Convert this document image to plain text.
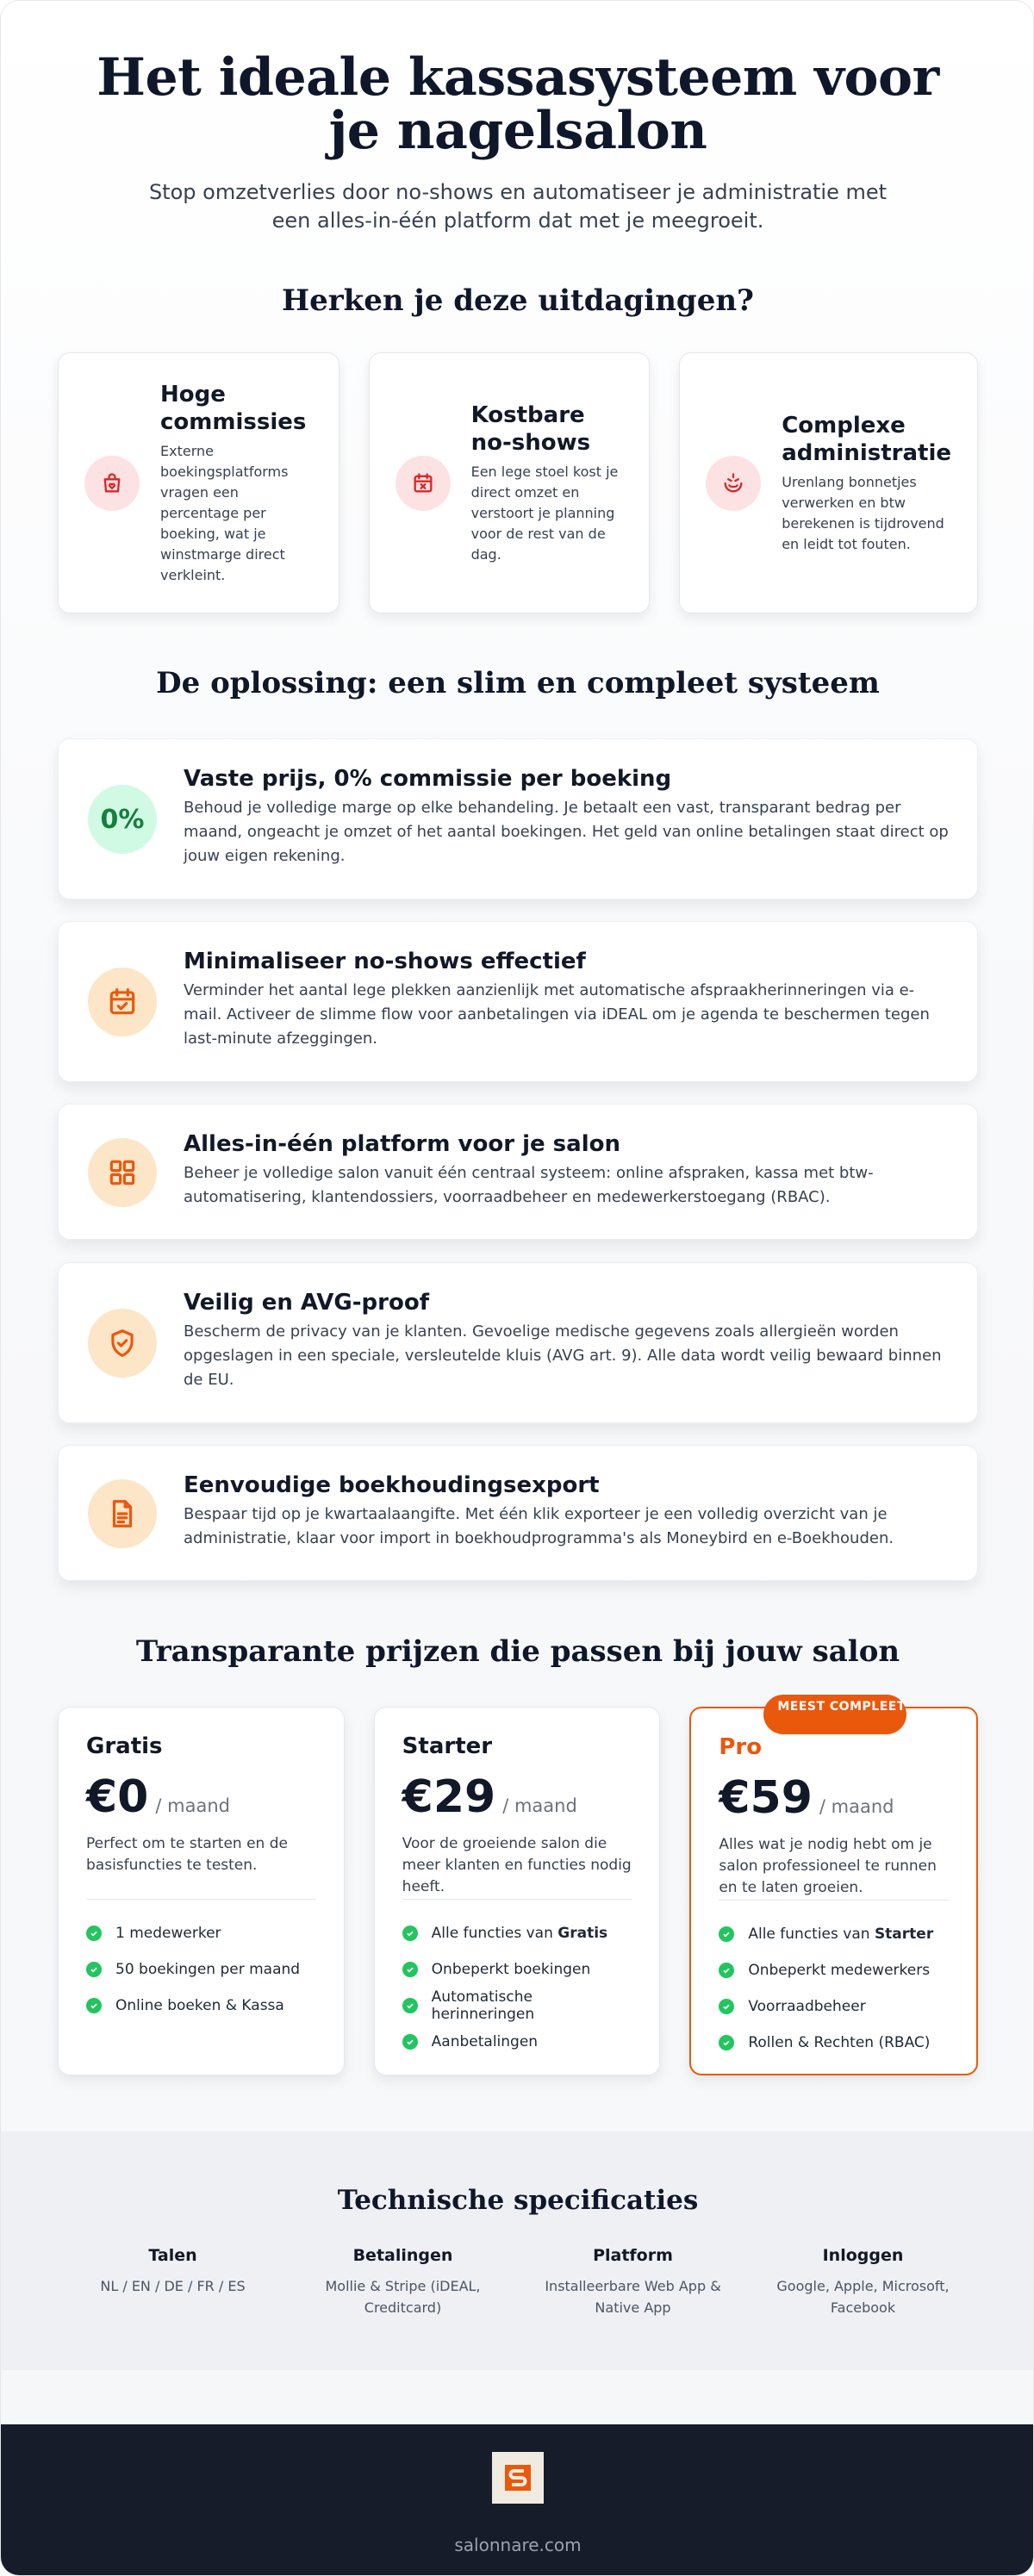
Het ideale kassasysteem voor je nagelsalon

Stop omzetverlies door no-shows en automatiseer je administratie met een alles-in-één platform dat met je meegroeit.

Herken je deze uitdagingen?
Hoge commissies

Externe boekingsplatforms vragen een percentage per boeking, wat je winstmarge direct verkleint.

Kostbare no-shows

Een lege stoel kost je direct omzet en verstoort je planning voor de rest van de dag.

Complexe administratie

Urenlang bonnetjes verwerken en btw berekenen is tijdrovend en leidt tot fouten.

De oplossing: een slim en compleet systeem
0%
Vaste prijs, 0% commissie per boeking

Behoud je volledige marge op elke behandeling. Je betaalt een vast, transparant bedrag per maand, ongeacht je omzet of het aantal boekingen. Het geld van online betalingen staat direct op jouw eigen rekening.

Minimaliseer no-shows effectief

Verminder het aantal lege plekken aanzienlijk met automatische afspraakherinneringen via e-mail. Activeer de slimme flow voor aanbetalingen via iDEAL om je agenda te beschermen tegen last-minute afzeggingen.

Alles-in-één platform voor je salon

Beheer je volledige salon vanuit één centraal systeem: online afspraken, kassa met btw-automatisering, klantendossiers, voorraadbeheer en medewerkerstoegang (RBAC).

Veilig en AVG-proof

Bescherm de privacy van je klanten. Gevoelige medische gegevens zoals allergieën worden opgeslagen in een speciale, versleutelde kluis (AVG art. 9). Alle data wordt veilig bewaard binnen de EU.

Eenvoudige boekhoudingsexport

Bespaar tijd op je kwartaalaangifte. Met één klik exporteer je een volledig overzicht van je administratie, klaar voor import in boekhoudprogramma's als Moneybird en e-Boekhouden.

Transparante prijzen die passen bij jouw salon
Gratis
€0 / maand

Perfect om te starten en de basisfuncties te testen.

1 medewerker
50 boekingen per maand
Online boeken & Kassa
Starter
€29 / maand

Voor de groeiende salon die meer klanten en functies nodig heeft.

Alle functies van Gratis
Onbeperkt boekingen
Automatische herinneringen
Aanbetalingen
MEEST COMPLEET
Pro
€59 / maand

Alles wat je nodig hebt om je salon professioneel te runnen en te laten groeien.

Alle functies van Starter
Onbeperkt medewerkers
Voorraadbeheer
Rollen & Rechten (RBAC)
Technische specificaties
Talen

NL / EN / DE / FR / ES

Betalingen

Mollie & Stripe (iDEAL, Creditcard)

Platform

Installeerbare Web App & Native App

Inloggen

Google, Apple, Microsoft, Facebook

salonnare.com
